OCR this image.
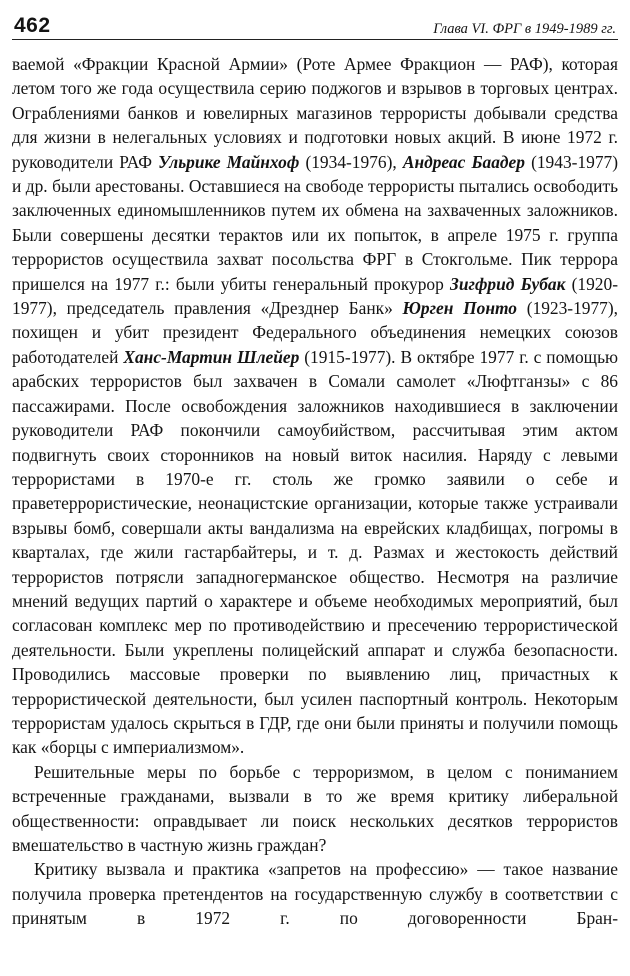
462	Глава VI. ФРГ в 1949-1989 гг.

ваемой «Фракции Красной Армии» (Роте Армее Фракцион — РАФ), которая летом того же года осуществила серию поджогов и взрывов в торговых центрах. Ограблениями банков и ювелирных магазинов террористы добывали средства для жизни в нелегальных условиях и подготовки новых акций. В июне 1972 г. руководители РАФ Ульрике Майнхоф (1934-1976), Андреас Баадер (1943-1977) и др. были арестованы. Оставшиеся на свободе террористы пытались освободить заключенных единомышленников путем их обмена на захваченных заложников. Были совершены десятки терактов или их попыток, в апреле 1975 г. группа террористов осуществила захват посольства ФРГ в Стокгольме. Пик террора пришелся на 1977 г.: были убиты генеральный прокурор Зигфрид Бубак (1920-1977), председатель правления «Дрезднер Банк» Юрген Понто (1923-1977), похищен и убит президент Федерального объединения немецких союзов работодателей Ханс-Мартин Шлейер (1915-1977). В октябре 1977 г. с помощью арабских террористов был захвачен в Сомали самолет «Люфтганзы» с 86 пассажирами. После освобождения заложников находившиеся в заключении руководители РАФ покончили самоубийством, рассчитывая этим актом подвигнуть своих сторонников на новый виток насилия. Наряду с левыми террористами в 1970-е гг. столь же громко заявили о себе и праветеррористические, неонацистские организации, которые также устраивали взрывы бомб, совершали акты вандализма на еврейских кладбищах, погромы в кварталах, где жили гастарбайтеры, и т. д. Размах и жестокость действий террористов потрясли западногерманское общество. Несмотря на различие мнений ведущих партий о характере и объеме необходимых мероприятий, был согласован комплекс мер по противодействию и пресечению террористической деятельности. Были укреплены полицейский аппарат и служба безопасности. Проводились массовые проверки по выявлению лиц, причастных к террористической деятельности, был усилен паспортный контроль. Некоторым террористам удалось скрыться в ГДР, где они были приняты и получили помощь как «борцы с империализмом».

Решительные меры по борьбе с терроризмом, в целом с пониманием встреченные гражданами, вызвали в то же время критику либеральной общественности: оправдывает ли поиск нескольких десятков террористов вмешательство в частную жизнь граждан?

Критику вызвала и практика «запретов на профессию» — такое название получила проверка претендентов на государственную службу в соответствии с принятым в 1972 г. по договоренности Бран-
